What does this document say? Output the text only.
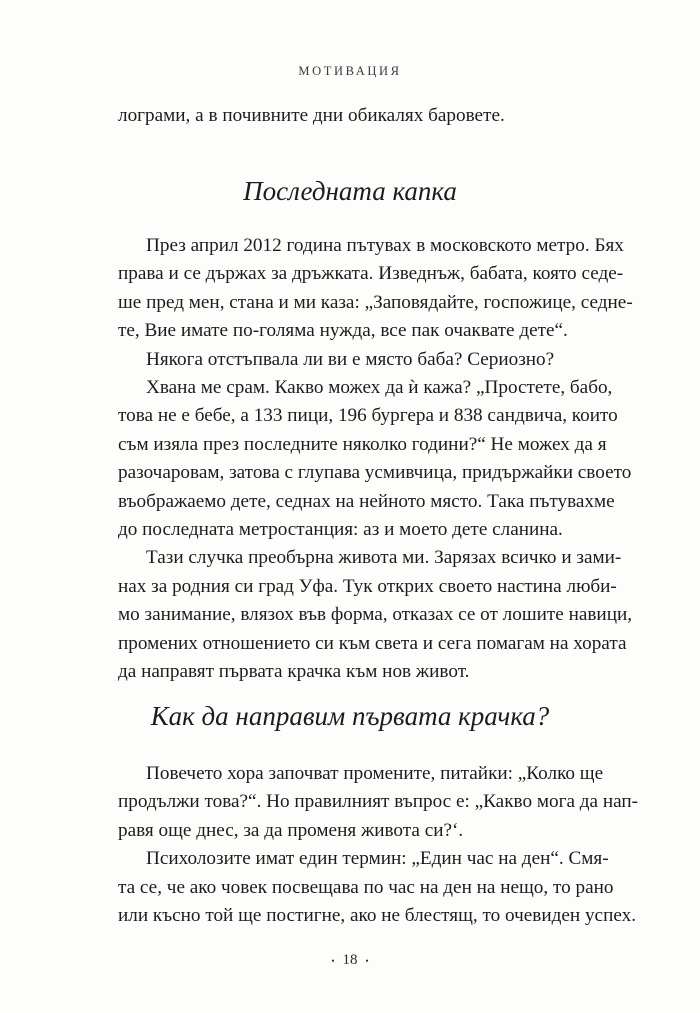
МОТИВАЦИЯ
лограми, а в почивните дни обикалях баровете.
Последната капка
През април 2012 година пътувах в московското метро. Бях
права и се държах за дръжката. Изведнъж, бабата, която седе-
ше пред мен, стана и ми каза: „Заповядайте, госпожице, седне-
те, Вие имате по-голяма нужда, все пак очаквате дете“.
Някога отстъпвала ли ви е място баба? Сериозно?
Хвана ме срам. Какво можех да ѝ кажа? „Простете, бабо,
това не е бебе, а 133 пици, 196 бургера и 838 сандвича, които
съм изяла през последните няколко години?“ Не можех да я
разочаровам, затова с глупава усмивчица, придържайки своето
въображаемо дете, седнах на нейното място. Така пътувахме
до последната метростанция: аз и моето дете сланина.
Тази случка преобърна живота ми. Зарязах всичко и зами-
нах за родния си град Уфа. Тук открих своето настина люби-
мо занимание, влязох във форма, отказах се от лошите навици,
промених отношението си към света и сега помагам на хората
да направят първата крачка към нов живот.
Как да направим първата крачка?
Повечето хора започват промените, питайки: „Колко ще
продължи това?“. Но правилният въпрос е: „Какво мога да нап-
равя още днес, за да променя живота си?‘.
Психолозите имат един термин: „Един час на ден“. Смя-
та се, че ако човек посвещава по час на ден на нещо, то рано
или късно той ще постигне, ако не блестящ, то очевиден успех.
• 18 •
